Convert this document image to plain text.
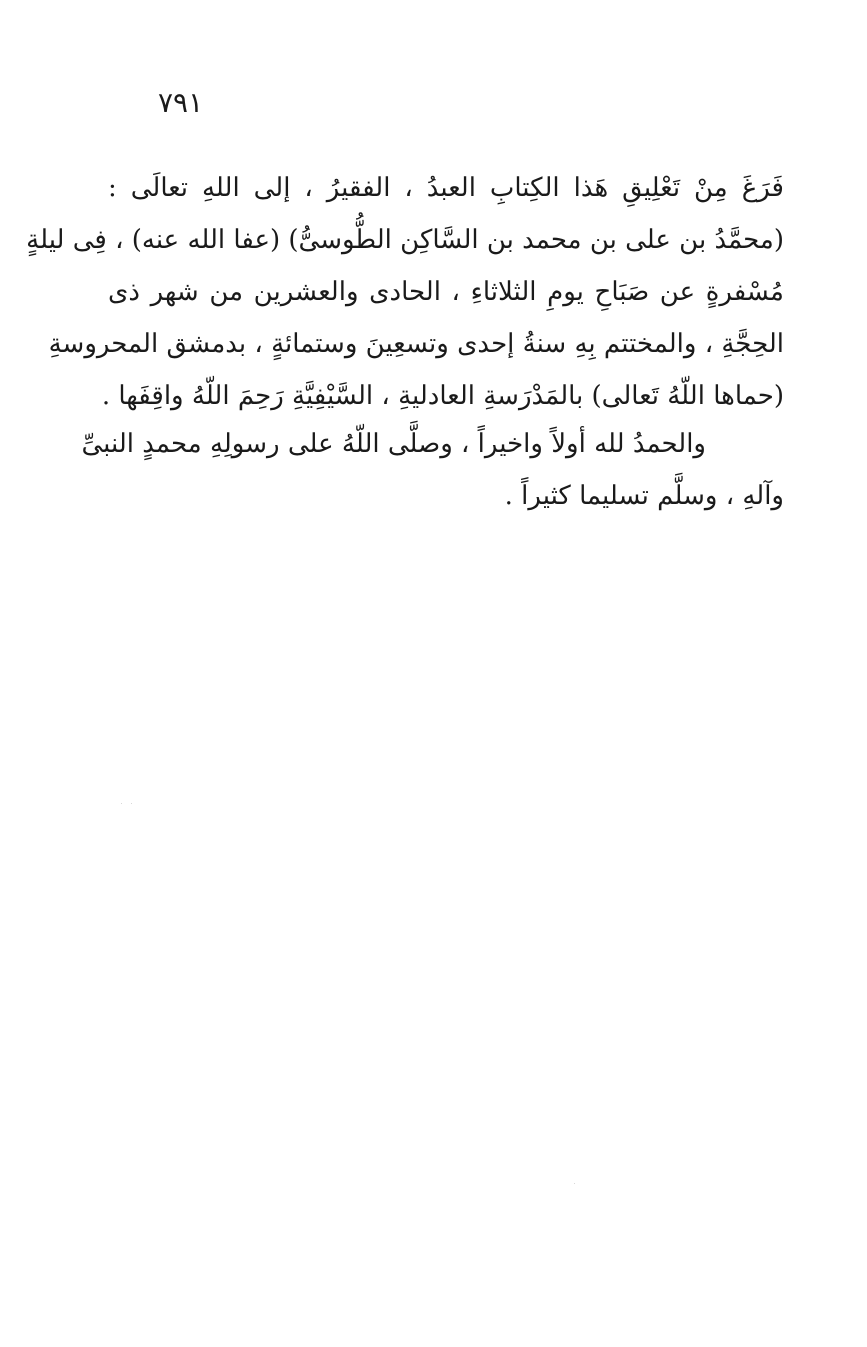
٧٩١
فَرَغَ مِنْ تَعْلِيقِ هَذا الكِتابِ العبدُ ، الفقيرُ ، إلى اللهِ تعالَى :
(محمَّدُ بن على بن محمد بن السَّاكِن الطُّوسىُّ) (عفا الله عنه) ، فِى ليلةٍ
مُسْفرةٍ عن صَبَاحِ يومِ الثلاثاءِ ، الحادى والعشرين من شهر ذى
الحِجَّةِ ، والمختتم بِهِ سنةُ إحدى وتسعِينَ وستمائةٍ ، بدمشق المحروسةِ
(حماها اللّهُ تَعالى) بالمَدْرَسةِ العادليةِ ، السَّيْفِيَّةِ رَحِمَ اللّهُ واقِفَها .
والحمدُ لله أولاً واخيراً ، وصلَّى اللّهُ على رسولِهِ محمدٍ النبىِّ
وآلهِ ، وسلَّم تسليما كثيراً .
